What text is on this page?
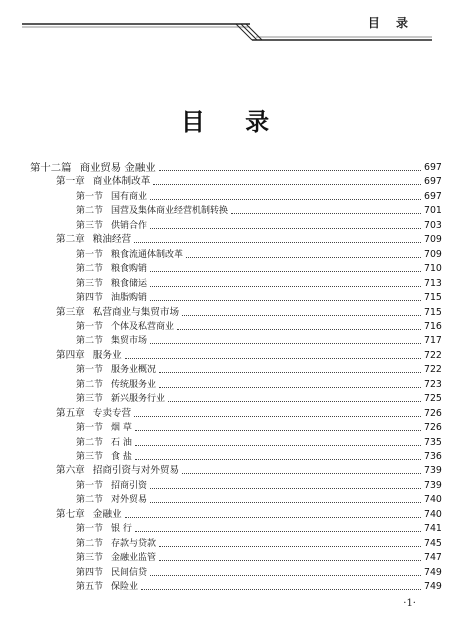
目 录
目 录
第十二篇 商业贸易 金融业	697
第一章 商业体制改革	697
第一节 国有商业	697
第二节 国营及集体商业经营机制转换	701
第三节 供销合作	703
第二章 粮油经营	709
第一节 粮食流通体制改革	709
第二节 粮食购销	710
第三节 粮食储运	713
第四节 油脂购销	715
第三章 私营商业与集贸市场	715
第一节 个体及私营商业	716
第二节 集贸市场	717
第四章 服务业	722
第一节 服务业概况	722
第二节 传统服务业	723
第三节 新兴服务行业	725
第五章 专卖专营	726
第一节 烟 草	726
第二节 石 油	735
第三节 食 盐	736
第六章 招商引资与对外贸易	739
第一节 招商引资	739
第二节 对外贸易	740
第七章 金融业	740
第一节 银 行	741
第二节 存款与贷款	745
第三节 金融业监管	747
第四节 民间信贷	749
第五节 保险业	749
·1·
